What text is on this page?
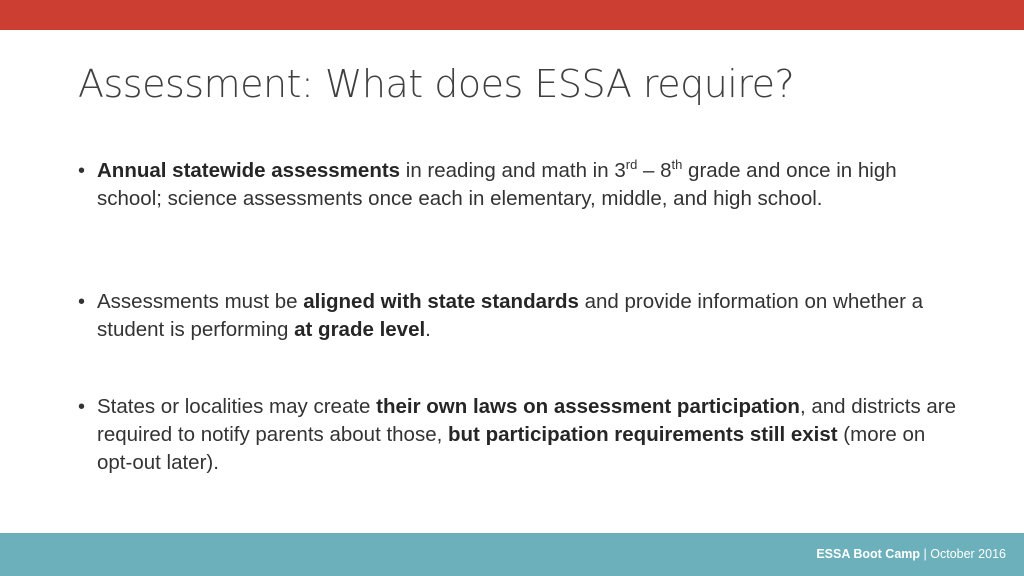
Assessment: What does ESSA require?
• Annual statewide assessments in reading and math in 3rd – 8th grade and once in high school; science assessments once each in elementary, middle, and high school.
• Assessments must be aligned with state standards and provide information on whether a student is performing at grade level.
• States or localities may create their own laws on assessment participation, and districts are required to notify parents about those, but participation requirements still exist (more on opt-out later).
ESSA Boot Camp | October 2016
